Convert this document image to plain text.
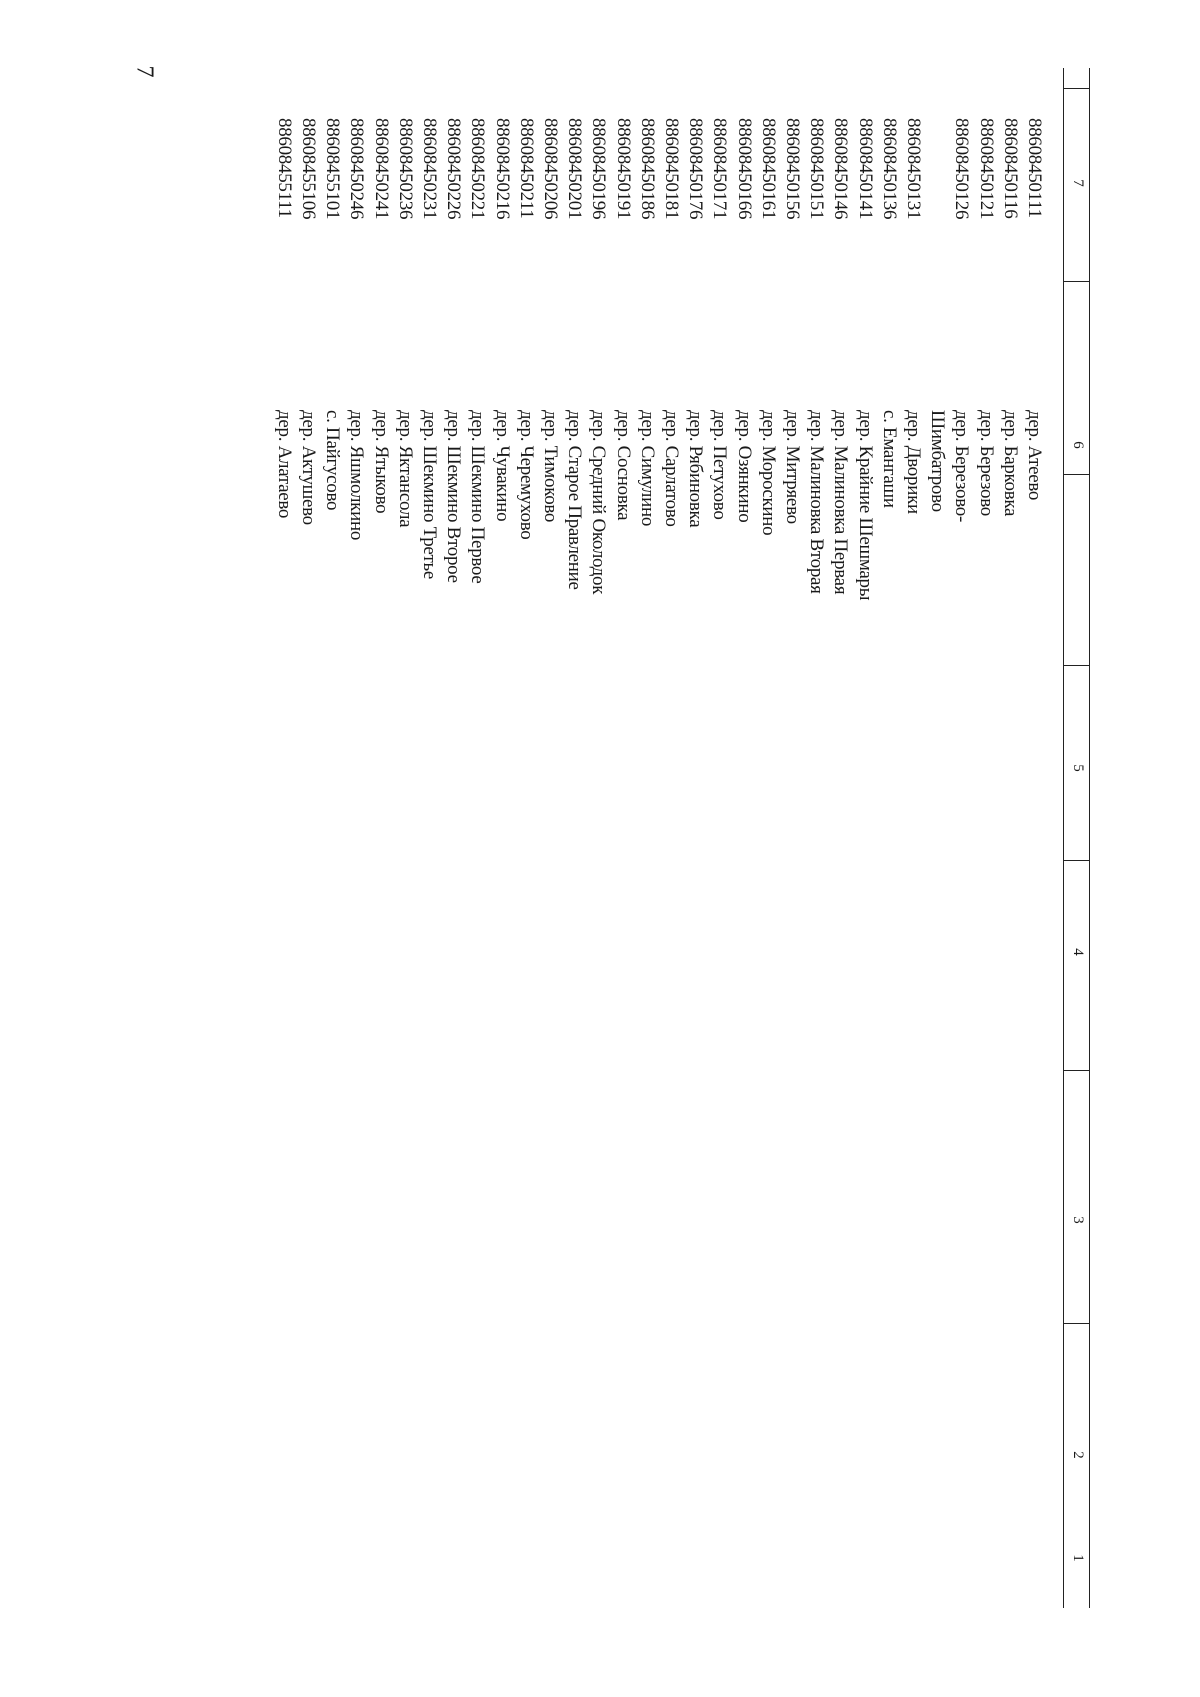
7
1
2
3
4
5
6
7
дер. Атеево
88608450111
дер. Барковка
88608450116
дер. Березово
88608450121
дер. Березово-
88608450126
Шимбатрово
дер. Дворики
88608450131
с. Емангаши
88608450136
дер. Крайние Шешмары
88608450141
дер. Малиновка Первая
88608450146
дер. Малиновка Вторая
88608450151
дер. Митряево
88608450156
дер. Морoскино
88608450161
дер. Озянкино
88608450166
дер. Петухово
88608450171
дер. Рябиновка
88608450176
дер. Сарлатово
88608450181
дер. Симулино
88608450186
дер. Сосновка
88608450191
дер. Средний Околодок
88608450196
дер. Старое Правление
88608450201
дер. Тимоково
88608450206
дер. Черемухово
88608450211
дер. Чувакино
88608450216
дер. Шекмино Первое
88608450221
дер. Шекмино Второе
88608450226
дер. Шекмино Третье
88608450231
дер. Яктансола
88608450236
дер. Ятыково
88608450241
дер. Яшмолкино
88608450246
с. Пайгусово
88608455101
дер. Актушево
88608455106
дер. Алатаево
88608455111
